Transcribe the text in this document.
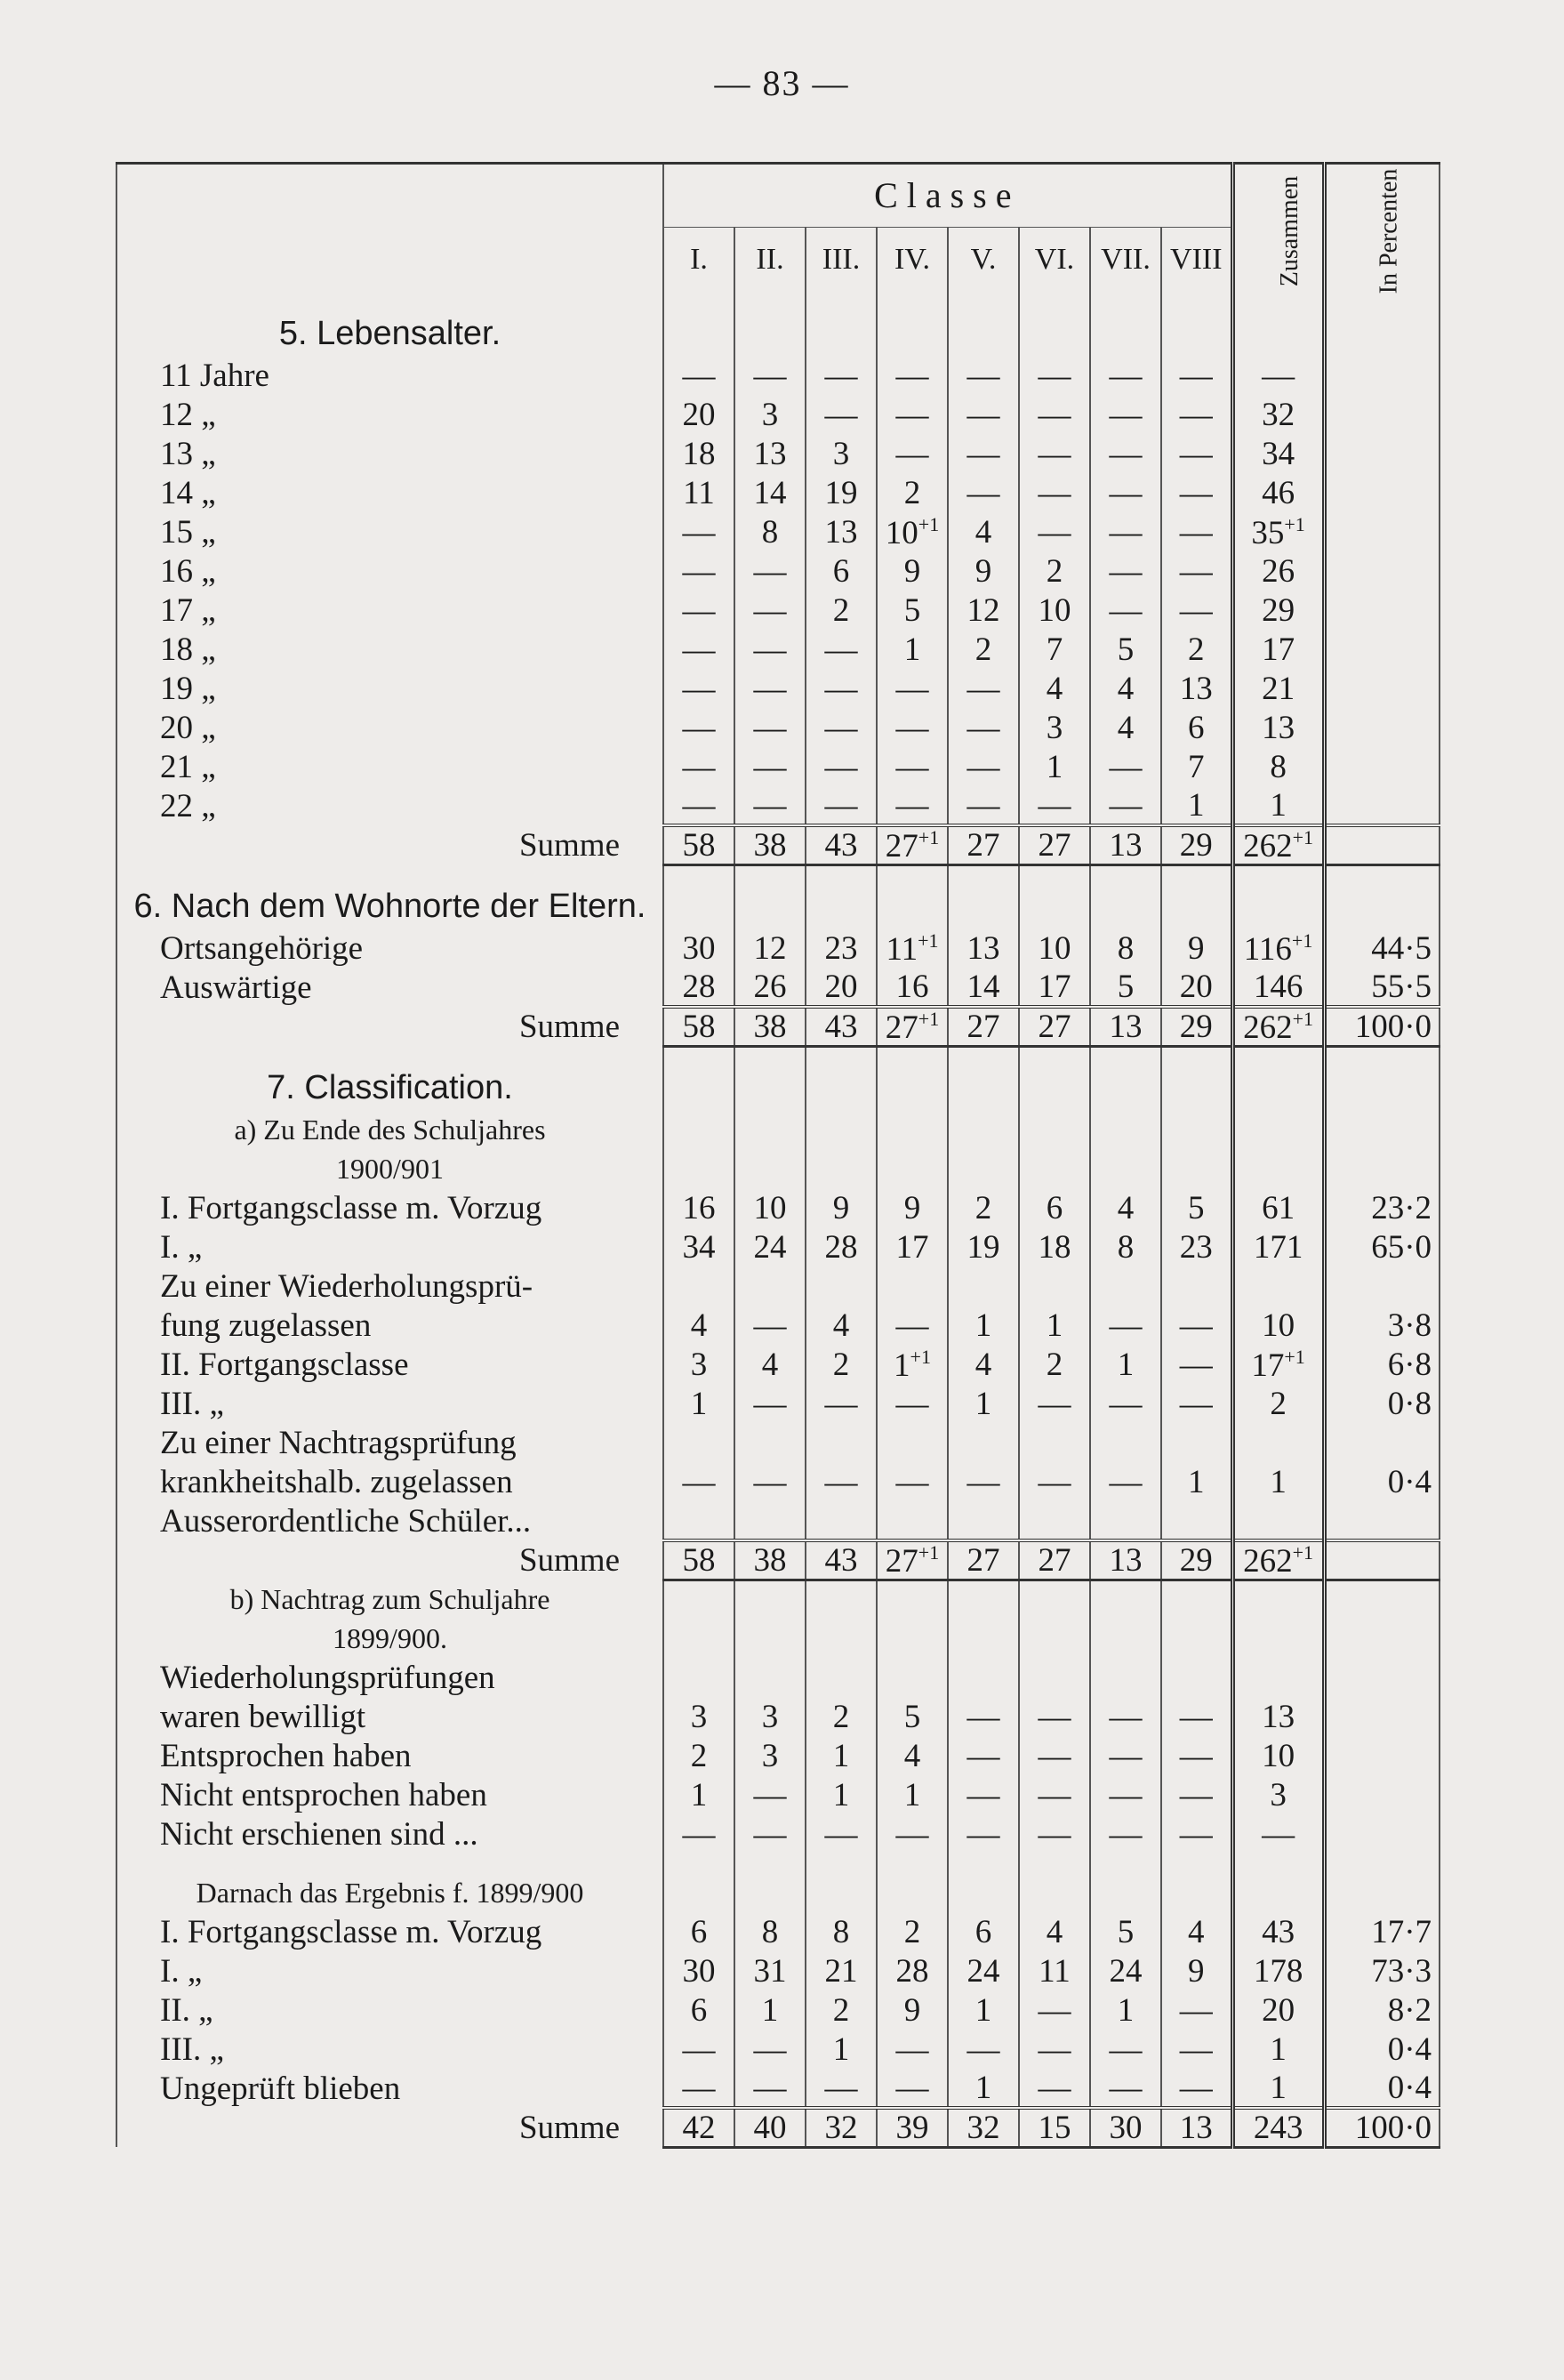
— 83 —
	Classe								Zusammen	In Percenten
	I.	II.	III.	IV.	V.	VI.	VII.	VIII		

5. Lebensalter.										
11 Jahre	—	—	—	—	—	—	—	—	—	
12 „	20	3	—	—	—	—	—	—	32	
13 „	18	13	3	—	—	—	—	—	34	
14 „	11	14	19	2	—	—	—	—	46	
15 „	—	8	13	$10^{+1}$	4	—	—	—	$35^{+1}$	
16 „	—	—	6	9	9	2	—	—	26	
17 „	—	—	2	5	12	10	—	—	29	
18 „	—	—	—	1	2	7	5	2	17	
19 „	—	—	—	—	—	4	4	13	21	
20 „	—	—	—	—	—	3	4	6	13	
21 „	—	—	—	—	—	1	—	7	8	
22 „	—	—	—	—	—	—	—	1	1	
Summe	58	38	43	$27^{+1}$	27	27	13	29	$262^{+1}$	

6. Nach dem Wohnorte der Eltern.										
Ortsangehörige	30	12	23	$11^{+1}$	13	10	8	9	$116^{+1}$	44·5
Auswärtige	28	26	20	16	14	17	5	20	146	55·5
Summe	58	38	43	$27^{+1}$	27	27	13	29	$262^{+1}$	100·0

7. Classification.										
a) Zu Ende des Schuljahres										
1900/901										
I. Fortgangsclasse m. Vorzug	16	10	9	9	2	6	4	5	61	23·2
I. „	34	24	28	17	19	18	8	23	171	65·0
Zu einer Wiederholungsprü-										
fung zugelassen	4	—	4	—	1	1	—	—	10	3·8
II. Fortgangsclasse	3	4	2	$1^{+1}$	4	2	1	—	$17^{+1}$	6·8
III. „	1	—	—	—	1	—	—	—	2	0·8
Zu einer Nachtragsprüfung										
krankheitshalb. zugelassen	—	—	—	—	—	—	—	1	1	0·4
Ausserordentliche Schüler...										
Summe	58	38	43	$27^{+1}$	27	27	13	29	$262^{+1}$	
b) Nachtrag zum Schuljahre										
1899/900.										
Wiederholungsprüfungen										
waren bewilligt	3	3	2	5	—	—	—	—	13	
Entsprochen haben	2	3	1	4	—	—	—	—	10	
Nicht entsprochen haben	1	—	1	1	—	—	—	—	3	
Nicht erschienen sind ...	—	—	—	—	—	—	—	—	—	

Darnach das Ergebnis f. 1899/900										
I. Fortgangsclasse m. Vorzug	6	8	8	2	6	4	5	4	43	17·7
I. „	30	31	21	28	24	11	24	9	178	73·3
II. „	6	1	2	9	1	—	1	—	20	8·2
III. „	—	—	1	—	—	—	—	—	1	0·4
Ungeprüft blieben	—	—	—	—	1	—	—	—	1	0·4
Summe	42	40	32	39	32	15	30	13	243	100·0
